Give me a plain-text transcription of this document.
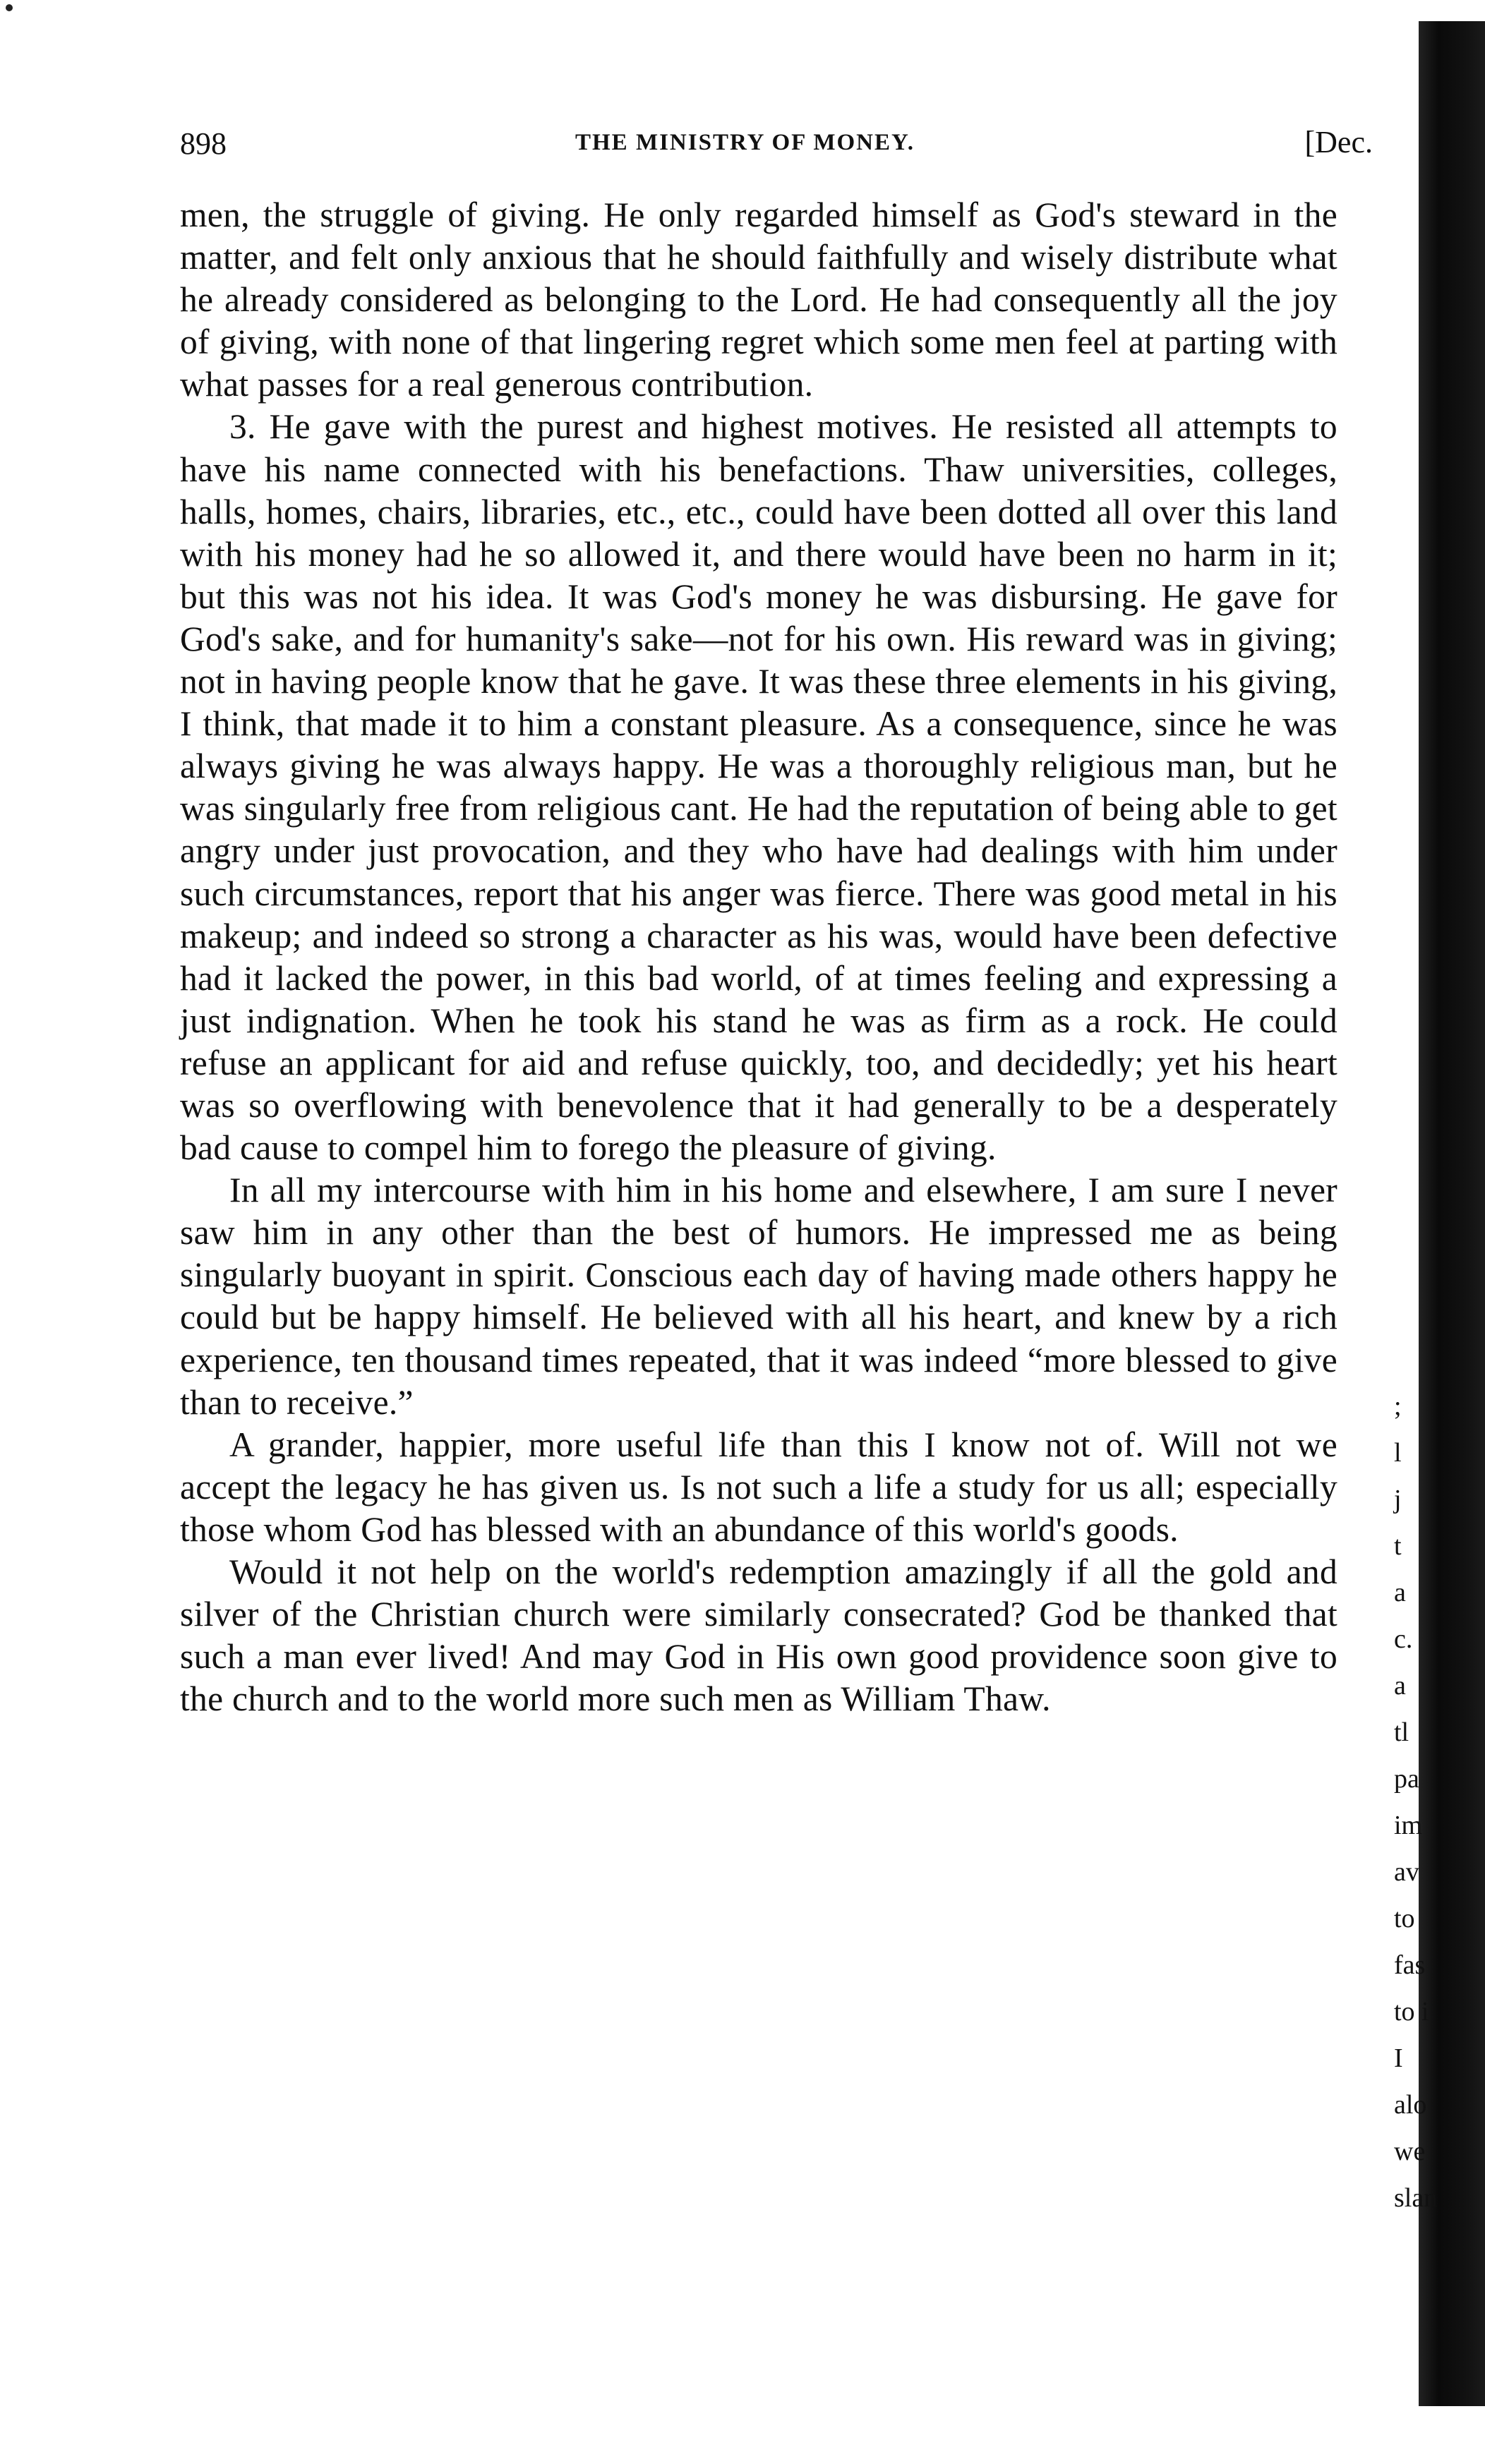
898	THE MINISTRY OF MONEY.	[Dec.

men, the struggle of giving. He only regarded himself as God's steward in the matter, and felt only anxious that he should faithfully and wisely distribute what he already considered as belonging to the Lord. He had consequently all the joy of giving, with none of that lingering regret which some men feel at parting with what passes for a real generous contribution.

3. He gave with the purest and highest motives. He resisted all attempts to have his name connected with his benefactions. Thaw universities, colleges, halls, homes, chairs, libraries, etc., etc., could have been dotted all over this land with his money had he so allowed it, and there would have been no harm in it; but this was not his idea. It was God's money he was disbursing. He gave for God's sake, and for humanity's sake—not for his own. His reward was in giving; not in having people know that he gave. It was these three elements in his giving, I think, that made it to him a constant pleasure. As a consequence, since he was always giving he was always happy. He was a thoroughly religious man, but he was singularly free from religious cant. He had the reputation of being able to get angry under just provocation, and they who have had dealings with him under such circumstances, report that his anger was fierce. There was good metal in his makeup; and indeed so strong a character as his was, would have been defective had it lacked the power, in this bad world, of at times feeling and expressing a just indignation. When he took his stand he was as firm as a rock. He could refuse an applicant for aid and refuse quickly, too, and decidedly; yet his heart was so overflowing with benevolence that it had generally to be a desperately bad cause to compel him to forego the pleasure of giving.

In all my intercourse with him in his home and elsewhere, I am sure I never saw him in any other than the best of humors. He impressed me as being singularly buoyant in spirit. Conscious each day of having made others happy he could but be happy himself. He believed with all his heart, and knew by a rich experience, ten thousand times repeated, that it was indeed “more blessed to give than to receive.”

A grander, happier, more useful life than this I know not of. Will not we accept the legacy he has given us. Is not such a life a study for us all; especially those whom God has blessed with an abundance of this world's goods.

Would it not help on the world's redemption amazingly if all the gold and silver of the Christian church were similarly consecrated? God be thanked that such a man ever lived! And may God in His own good providence soon give to the church and to the world more such men as William Thaw.

;
l
j
t
a
c.
a
tl
pa
im
av
to
fas
to i
I
alo
we
slan
